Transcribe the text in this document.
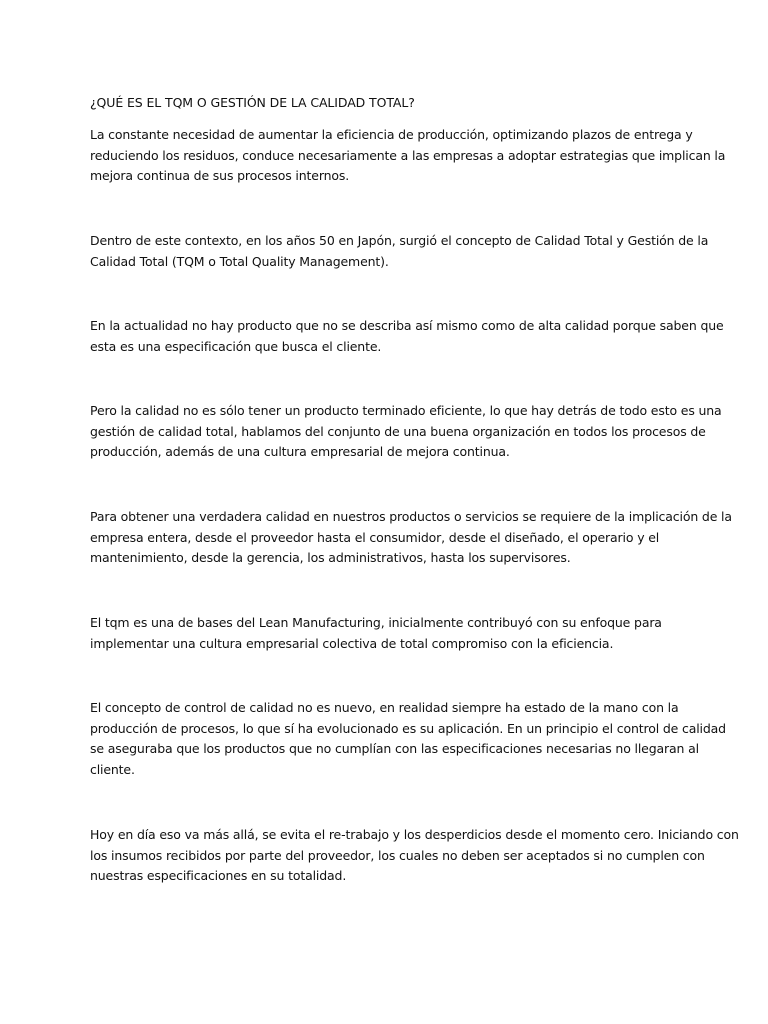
¿QUÉ ES EL TQM O GESTIÓN DE LA CALIDAD TOTAL?

La constante necesidad de aumentar la eficiencia de producción, optimizando plazos de entrega y
reduciendo los residuos, conduce necesariamente a las empresas a adoptar estrategias que implican la
mejora continua de sus procesos internos.

Dentro de este contexto, en los años 50 en Japón, surgió el concepto de Calidad Total y Gestión de la
Calidad Total (TQM o Total Quality Management).

En la actualidad no hay producto que no se describa así mismo como de alta calidad porque saben que
esta es una especificación que busca el cliente.

Pero la calidad no es sólo tener un producto terminado eficiente, lo que hay detrás de todo esto es una
gestión de calidad total, hablamos del conjunto de una buena organización en todos los procesos de
producción, además de una cultura empresarial de mejora continua.

Para obtener una verdadera calidad en nuestros productos o servicios se requiere de la implicación de la
empresa entera, desde el proveedor hasta el consumidor, desde el diseñado, el operario y el
mantenimiento, desde la gerencia, los administrativos, hasta los supervisores.

El tqm es una de bases del Lean Manufacturing, inicialmente contribuyó con su enfoque para
implementar una cultura empresarial colectiva de total compromiso con la eficiencia.

El concepto de control de calidad no es nuevo, en realidad siempre ha estado de la mano con la
producción de procesos, lo que sí ha evolucionado es su aplicación. En un principio el control de calidad
se aseguraba que los productos que no cumplían con las especificaciones necesarias no llegaran al
cliente.

Hoy en día eso va más allá, se evita el re-trabajo y los desperdicios desde el momento cero. Iniciando con
los insumos recibidos por parte del proveedor, los cuales no deben ser aceptados si no cumplen con
nuestras especificaciones en su totalidad.
